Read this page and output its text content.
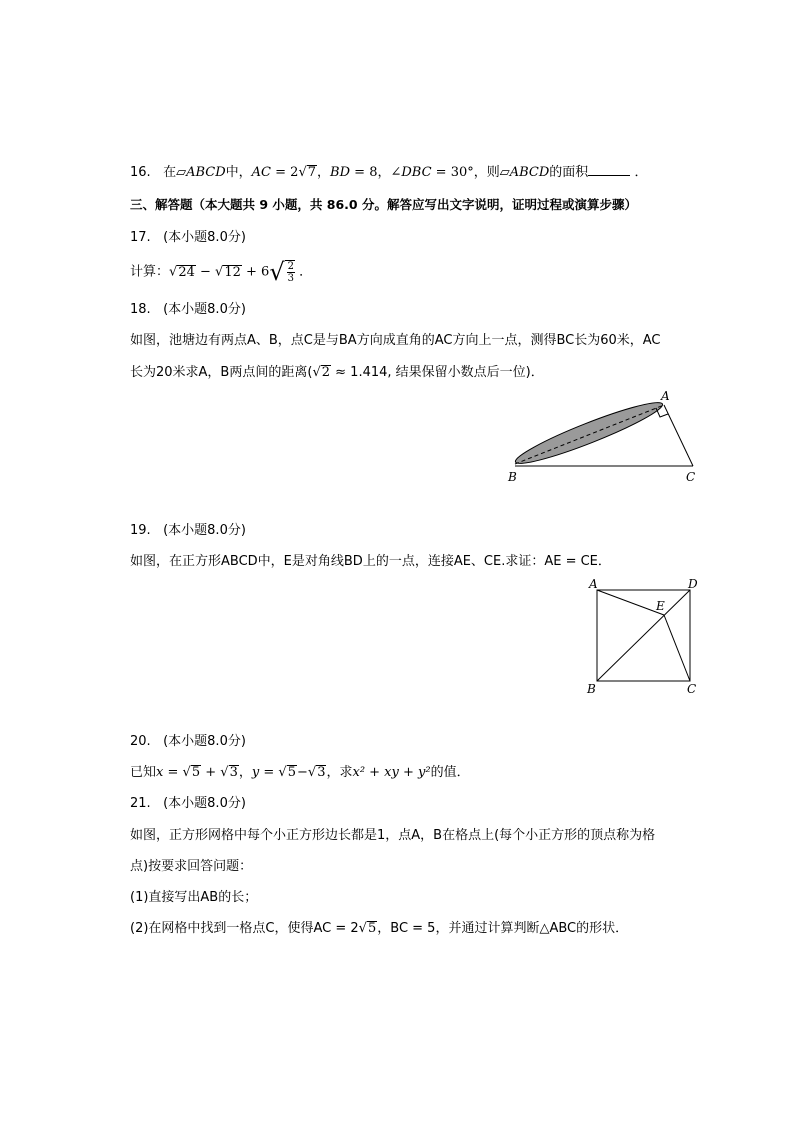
16. 在▱ABCD中，AC = 2√7，BD = 8，∠DBC = 30°，则▱ABCD的面积	．
三、解答题（本大题共 9 小题，共 86.0 分。解答应写出文字说明，证明过程或演算步骤）
17. (本小题8.0分)
计算：√24 − √12 + 6 √ $\frac{2}{3}$ ．
18. (本小题8.0分)
如图，池塘边有两点A、B，点C是与BA方向成直角的AC方向上一点，测得BC长为60米，AC
长为20米求A，B两点间的距离(√2 ≈ 1.414, 结果保留小数点后一位)．
A
B	C
19. (本小题8.0分)
如图，在正方形ABCD中，E是对角线BD上的一点，连接AE、CE.求证：AE = CE．
A	D
E
B	C
20. (本小题8.0分)
已知x = √5 + √3，y = √5−√3，求x² + xy + y²的值．
21. (本小题8.0分)
如图，正方形网格中每个小正方形边长都是1，点A，B在格点上(每个小正方形的顶点称为格
点)按要求回答问题：
(1)直接写出AB的长；
(2)在网格中找到一格点C，使得AC = 2√5，BC = 5，并通过计算判断△ABC的形状．
